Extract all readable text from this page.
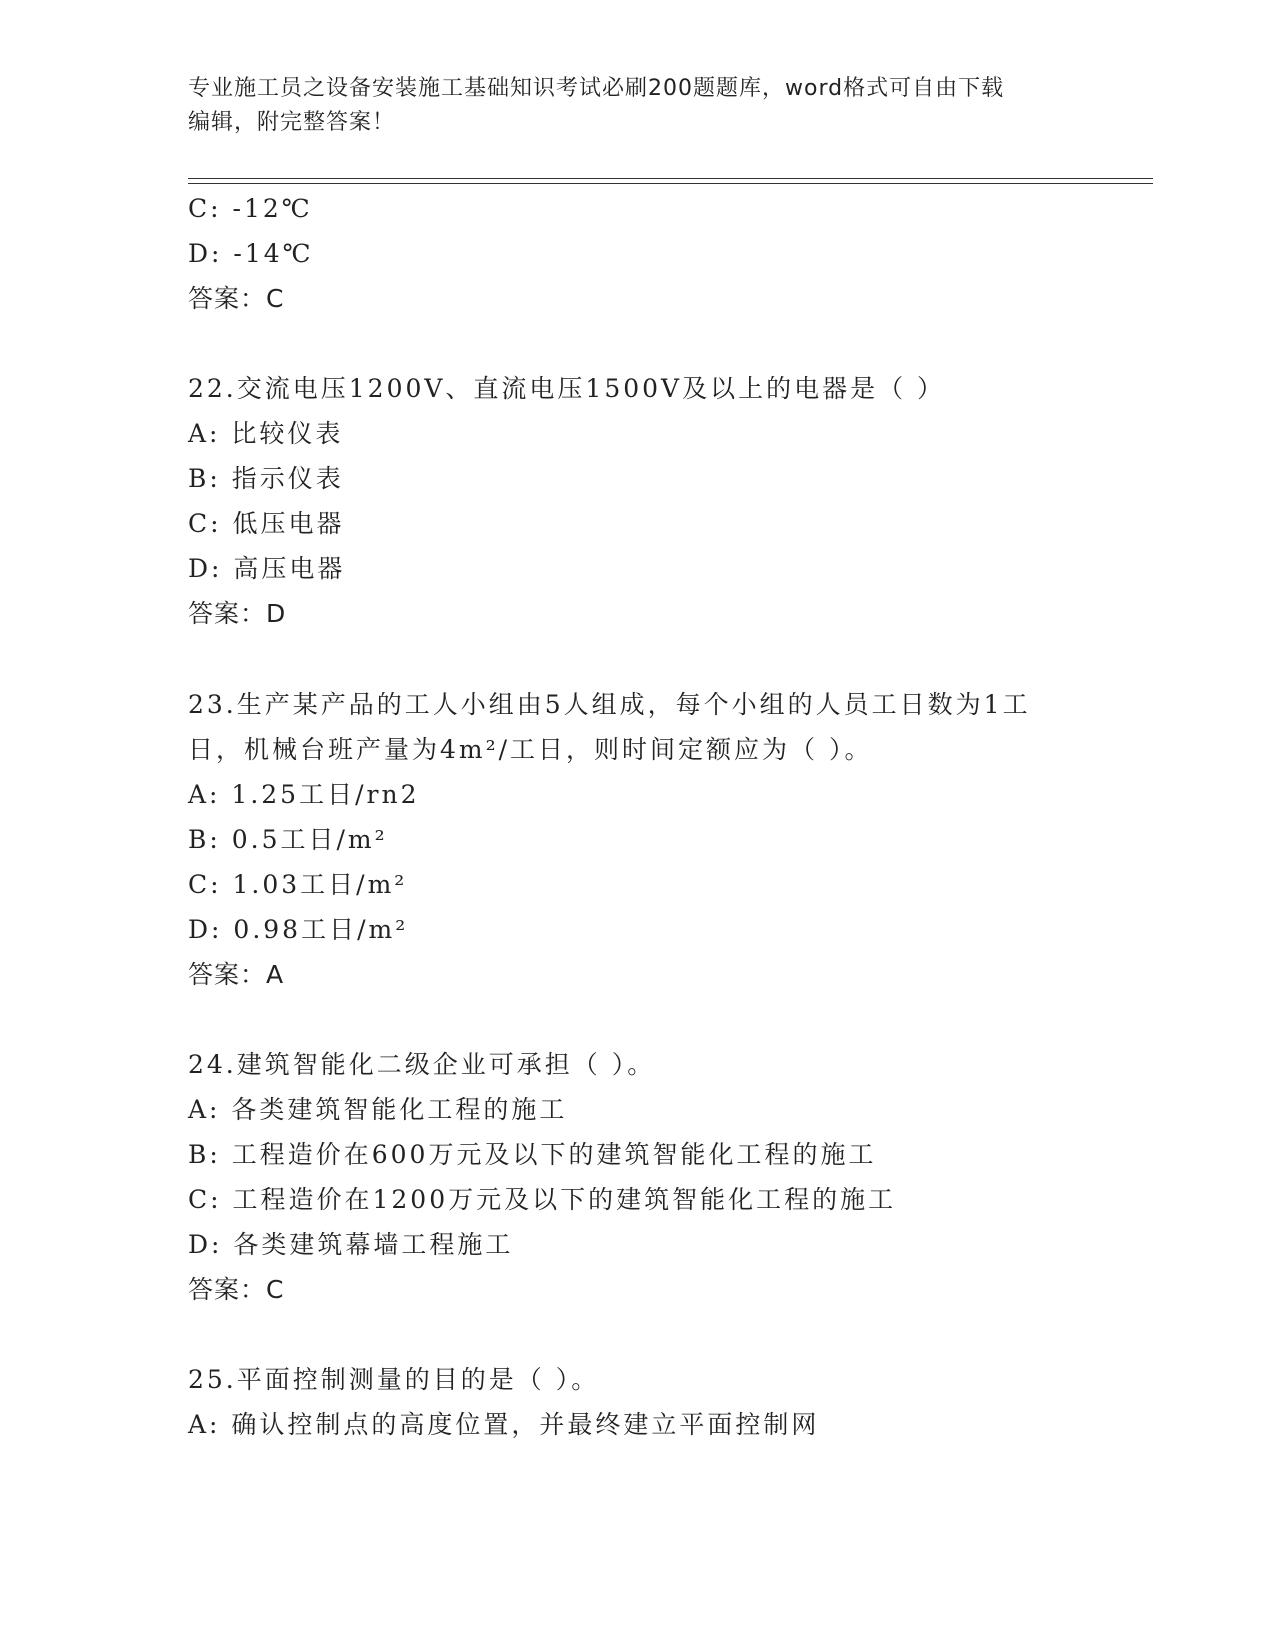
专业施工员之设备安装施工基础知识考试必刷200题题库，word格式可自由下载
编辑，附完整答案！
C: -12℃
D: -14℃
答案：C
22.交流电压1200V、直流电压1500V及以上的电器是（ ）
A: 比较仪表
B: 指示仪表
C: 低压电器
D: 高压电器
答案：D
23.生产某产品的工人小组由5人组成，每个小组的人员工日数为1工
日，机械台班产量为4m²/工日，则时间定额应为（ ）。
A: 1.25工日/rn2
B: 0.5工日/m²
C: 1.03工日/m²
D: 0.98工日/m²
答案：A
24.建筑智能化二级企业可承担（ ）。
A: 各类建筑智能化工程的施工
B: 工程造价在600万元及以下的建筑智能化工程的施工
C: 工程造价在1200万元及以下的建筑智能化工程的施工
D: 各类建筑幕墙工程施工
答案：C
25.平面控制测量的目的是（ ）。
A: 确认控制点的高度位置，并最终建立平面控制网
